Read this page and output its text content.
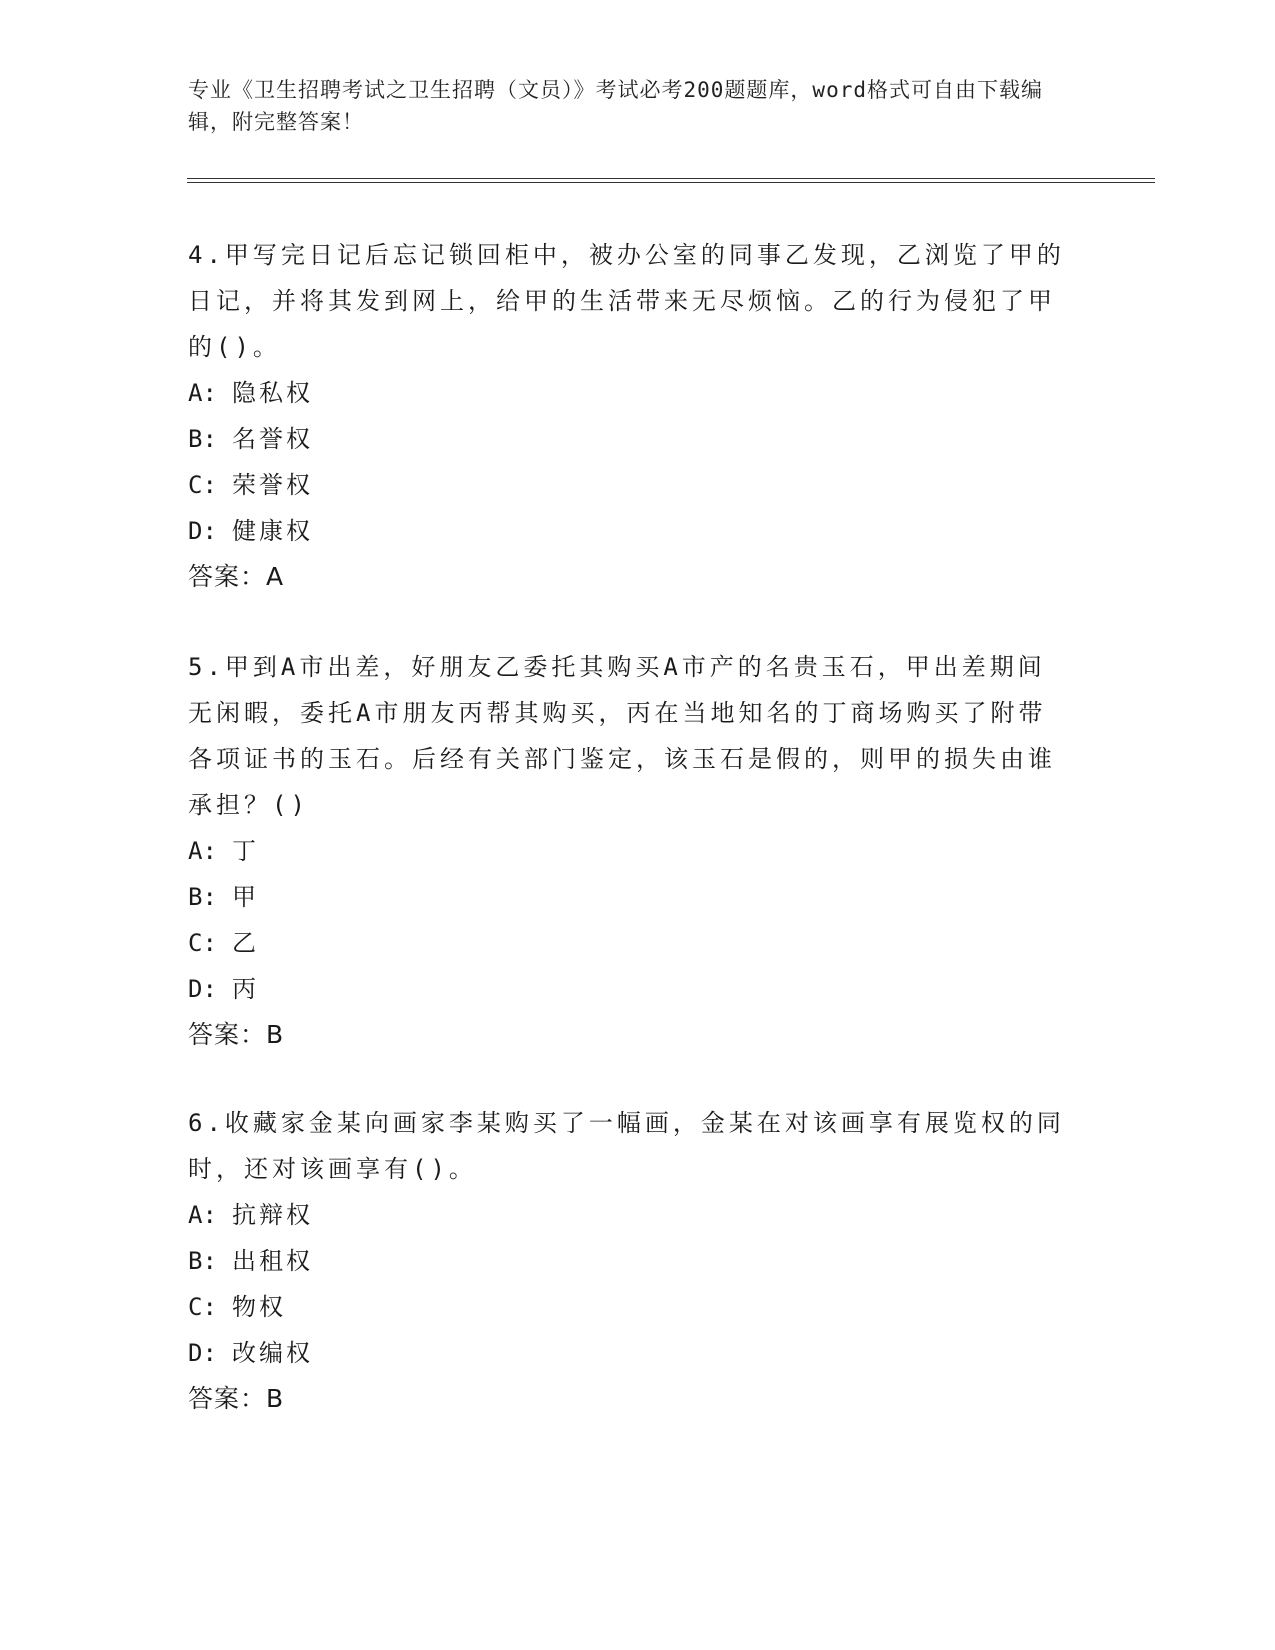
专业《卫生招聘考试之卫生招聘（文员）》考试必考200题题库，word格式可自由下载编辑，附完整答案！

4.甲写完日记后忘记锁回柜中，被办公室的同事乙发现，乙浏览了甲的日记，并将其发到网上，给甲的生活带来无尽烦恼。乙的行为侵犯了甲的()。

A: 隐私权

B: 名誉权

C: 荣誉权

D: 健康权

答案：A

5.甲到A市出差，好朋友乙委托其购买A市产的名贵玉石，甲出差期间无闲暇，委托A市朋友丙帮其购买，丙在当地知名的丁商场购买了附带各项证书的玉石。后经有关部门鉴定，该玉石是假的，则甲的损失由谁承担？()

A: 丁

B: 甲

C: 乙

D: 丙

答案：B

6.收藏家金某向画家李某购买了一幅画，金某在对该画享有展览权的同时，还对该画享有()。

A: 抗辩权

B: 出租权

C: 物权

D: 改编权

答案：B
